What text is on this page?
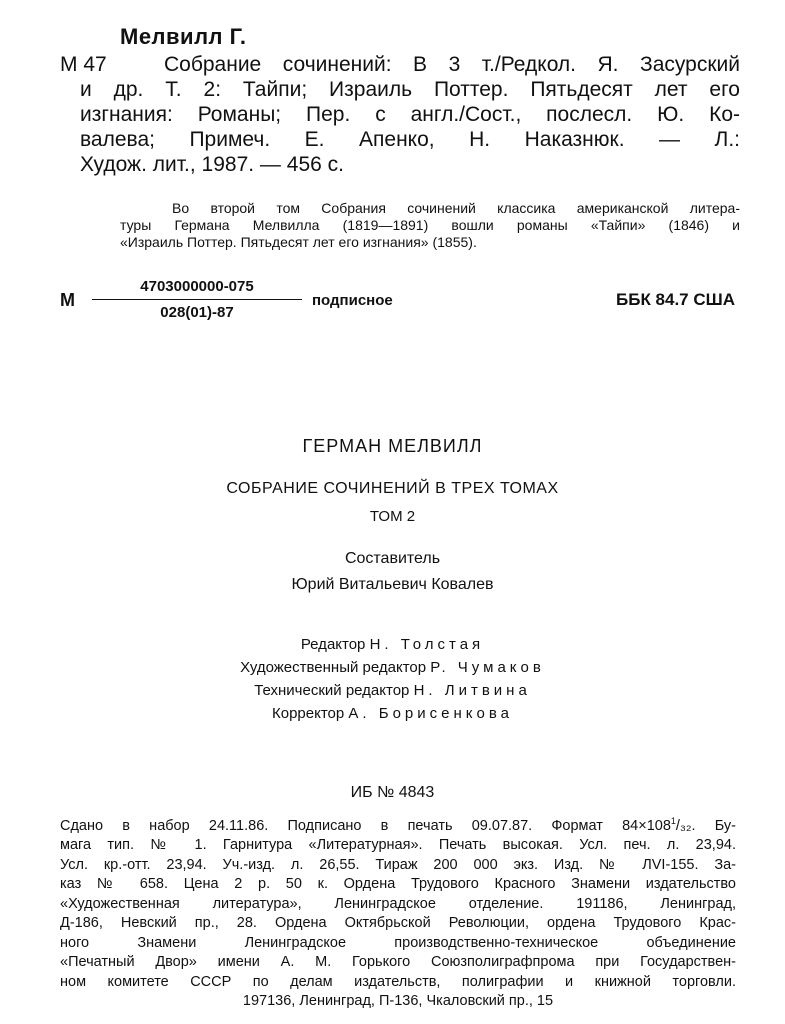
Мелвилл Г.
М 47	Собрание сочинений: В 3 т./Редкол. Я. Засурский
и др. Т. 2: Тайпи; Израиль Поттер. Пятьдесят лет его
изгнания: Романы; Пер. с англ./Сост., послесл. Ю. Ко-
валева; Примеч. Е. Апенко, Н. Наказнюк. — Л.:
Худож. лит., 1987. — 456 с.
Во второй том Собрания сочинений классика американской литера-
туры Германа Мелвилла (1819—1891) вошли романы «Тайпи» (1846) и
«Израиль Поттер. Пятьдесят лет его изгнания» (1855).
М
4703000000-075
028(01)-87
подписное	ББК 84.7 США
ГЕРМАН МЕЛВИЛЛ
СОБРАНИЕ СОЧИНЕНИЙ В ТРЕХ ТОМАХ
ТОМ 2
Составитель
Юрий Витальевич Ковалев
Редактор Н. Толстая
Художественный редактор Р. Чумаков
Технический редактор Н. Литвина
Корректор А. Борисенкова
ИБ № 4843
Сдано в набор 24.11.86. Подписано в печать 09.07.87. Формат $84\times 108^1/_{32}$. Бу-
мага тип. № 1. Гарнитура «Литературная». Печать высокая. Усл. печ. л. 23,94.
Усл. кр.-отт. 23,94. Уч.-изд. л. 26,55. Тираж 200 000 экз. Изд. № ЛVI-155. За-
каз № 658. Цена 2 р. 50 к. Ордена Трудового Красного Знамени издательство
«Художественная литература», Ленинградское отделение. 191186, Ленинград,
Д-186, Невский пр., 28. Ордена Октябрьской Революции, ордена Трудового Крас-
ного Знамени Ленинградское производственно-техническое объединение
«Печатный Двор» имени А. М. Горького Союзполиграфпрома при Государствен-
ном комитете СССР по делам издательств, полиграфии и книжной торговли.
197136, Ленинград, П-136, Чкаловский пр., 15
